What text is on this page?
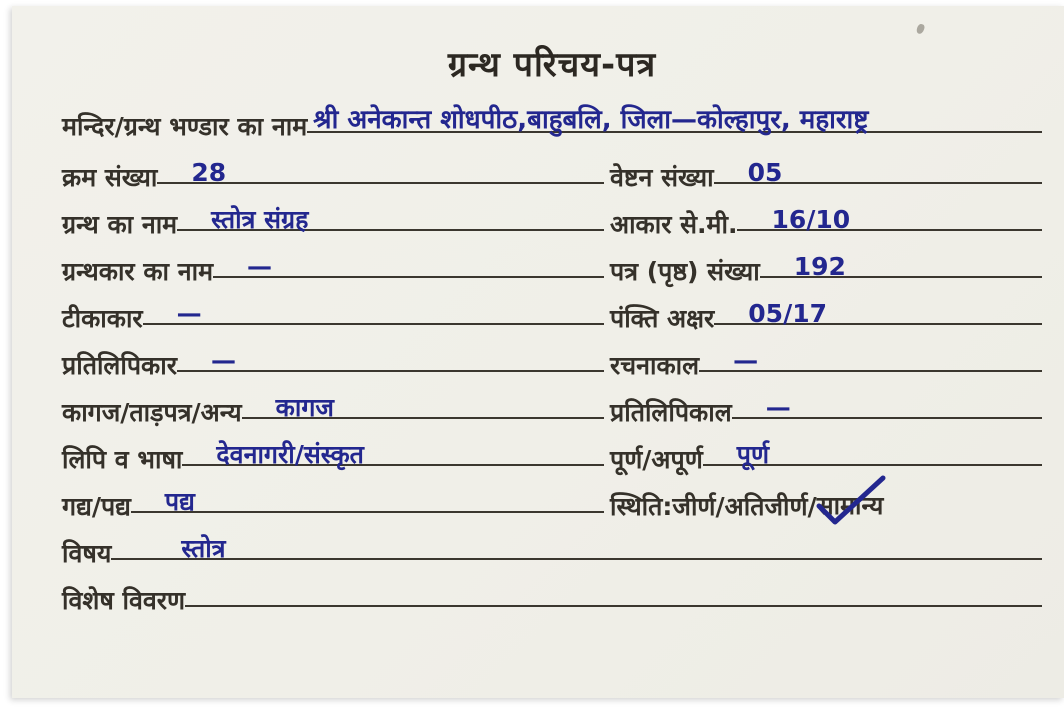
ग्रन्थ परिचय-पत्र
मन्दिर/ग्रन्थ भण्डार का नाम श्री अनेकान्त शोधपीठ,बाहुबलि, जिला—कोल्हापुर, महाराष्ट्र
क्रम संख्या 28	वेष्टन संख्या 05
ग्रन्थ का नाम स्तोत्र संग्रह	आकार से.मी. 16/10
ग्रन्थकार का नाम —	पत्र (पृष्ठ) संख्या 192
टीकाकार —	पंक्ति अक्षर 05/17
प्रतिलिपिकार —	रचनाकाल —
कागज/ताड़पत्र/अन्य कागज	प्रतिलिपिकाल —
लिपि व भाषा देवनागरी/संस्कृत	पूर्ण/अपूर्ण पूर्ण
गद्य/पद्य पद्य	स्थिति:जीर्ण/अतिजीर्ण/ सामान्य
विषय	स्तोत्र
विशेष विवरण
